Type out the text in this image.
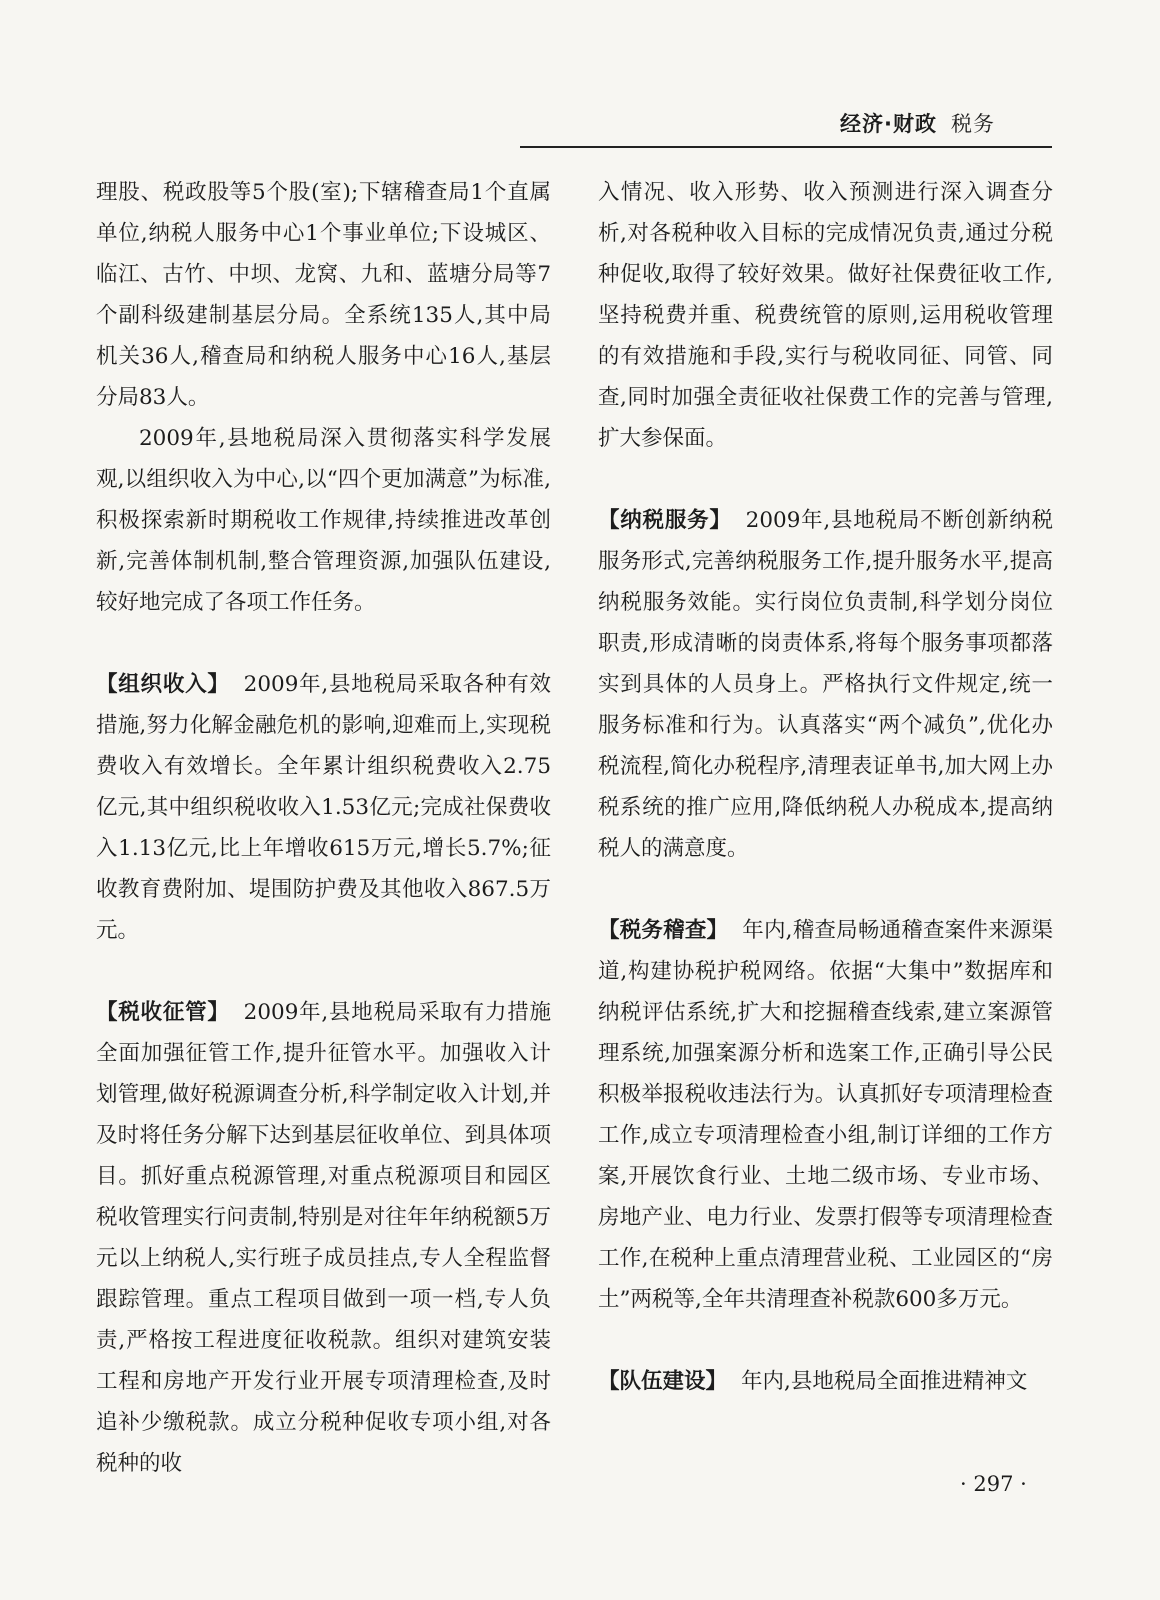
经济·财政 税务

理股、税政股等5个股(室);下辖稽查局1个直属单位,纳税人服务中心1个事业单位;下设城区、临江、古竹、中坝、龙窝、九和、蓝塘分局等7个副科级建制基层分局。全系统135人,其中局机关36人,稽查局和纳税人服务中心16人,基层分局83人。

2009年,县地税局深入贯彻落实科学发展观,以组织收入为中心,以“四个更加满意”为标准,积极探索新时期税收工作规律,持续推进改革创新,完善体制机制,整合管理资源,加强队伍建设,较好地完成了各项工作任务。

【组织收入】 2009年,县地税局采取各种有效措施,努力化解金融危机的影响,迎难而上,实现税费收入有效增长。全年累计组织税费收入2.75亿元,其中组织税收收入1.53亿元;完成社保费收入1.13亿元,比上年增收615万元,增长5.7%;征收教育费附加、堤围防护费及其他收入867.5万元。

【税收征管】 2009年,县地税局采取有力措施全面加强征管工作,提升征管水平。加强收入计划管理,做好税源调查分析,科学制定收入计划,并及时将任务分解下达到基层征收单位、到具体项目。抓好重点税源管理,对重点税源项目和园区税收管理实行问责制,特别是对往年年纳税额5万元以上纳税人,实行班子成员挂点,专人全程监督跟踪管理。重点工程项目做到一项一档,专人负责,严格按工程进度征收税款。组织对建筑安装工程和房地产开发行业开展专项清理检查,及时追补少缴税款。成立分税种促收专项小组,对各税种的收

入情况、收入形势、收入预测进行深入调查分析,对各税种收入目标的完成情况负责,通过分税种促收,取得了较好效果。做好社保费征收工作,坚持税费并重、税费统管的原则,运用税收管理的有效措施和手段,实行与税收同征、同管、同查,同时加强全责征收社保费工作的完善与管理,扩大参保面。

【纳税服务】 2009年,县地税局不断创新纳税服务形式,完善纳税服务工作,提升服务水平,提高纳税服务效能。实行岗位负责制,科学划分岗位职责,形成清晰的岗责体系,将每个服务事项都落实到具体的人员身上。严格执行文件规定,统一服务标准和行为。认真落实“两个减负”,优化办税流程,简化办税程序,清理表证单书,加大网上办税系统的推广应用,降低纳税人办税成本,提高纳税人的满意度。

【税务稽查】 年内,稽查局畅通稽查案件来源渠道,构建协税护税网络。依据“大集中”数据库和纳税评估系统,扩大和挖掘稽查线索,建立案源管理系统,加强案源分析和选案工作,正确引导公民积极举报税收违法行为。认真抓好专项清理检查工作,成立专项清理检查小组,制订详细的工作方案,开展饮食行业、土地二级市场、专业市场、房地产业、电力行业、发票打假等专项清理检查工作,在税种上重点清理营业税、工业园区的“房土”两税等,全年共清理查补税款600多万元。

【队伍建设】 年内,县地税局全面推进精神文

· 297 ·
